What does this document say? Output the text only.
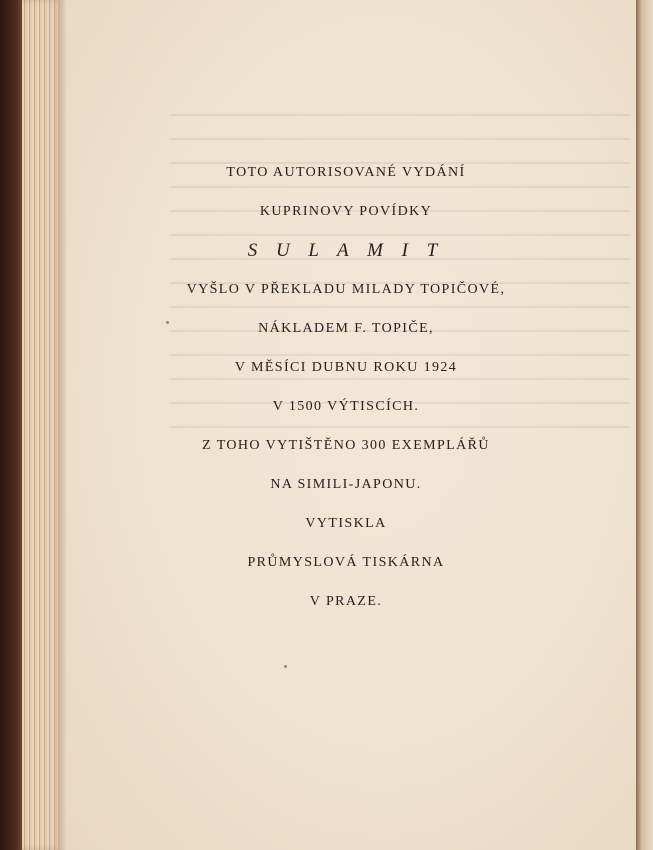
TOTO AUTORISOVANÉ VYDÁNÍ
KUPRINOVY POVÍDKY
S U L A M I T
VYŠLO V PŘEKLADU MILADY TOPIČOVÉ,
NÁKLADEM F. TOPIČE,
V MĚSÍCI DUBNU ROKU 1924
V 1500 VÝTISCÍCH.
Z TOHO VYTIŠTĚNO 300 EXEMPLÁŘŮ
NA SIMILI-JAPONU.
VYTISKLA
PRŮMYSLOVÁ TISKÁRNA
V PRAZE.
